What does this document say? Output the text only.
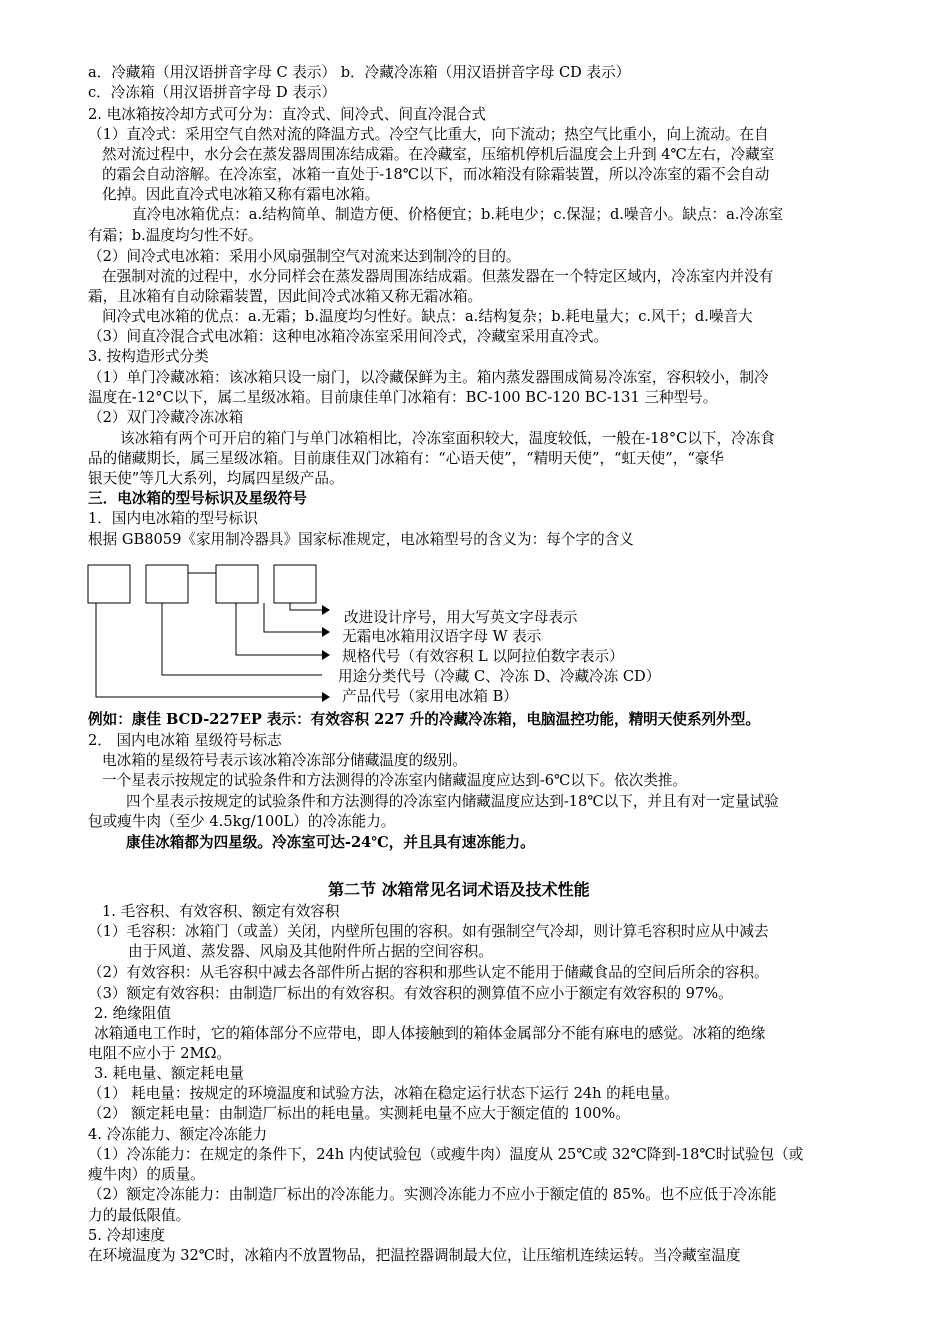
a．冷藏箱（用汉语拼音字母 C 表示） b．冷藏冷冻箱（用汉语拼音字母 CD 表示）
c．冷冻箱（用汉语拼音字母 D 表示）
2. 电冰箱按冷却方式可分为：直冷式、间冷式、间直冷混合式
（1）直冷式：采用空气自然对流的降温方式。冷空气比重大，向下流动；热空气比重小，向上流动。在自
然对流过程中，水分会在蒸发器周围冻结成霜。在冷藏室，压缩机停机后温度会上升到 4℃左右，冷藏室
的霜会自动溶解。在冷冻室，冰箱一直处于-18℃以下，而冰箱没有除霜装置，所以冷冻室的霜不会自动
化掉。因此直冷式电冰箱又称有霜电冰箱。
直冷电冰箱优点：a.结构简单、制造方便、价格便宜；b.耗电少；c.保湿；d.噪音小。缺点：a.冷冻室
有霜；b.温度均匀性不好。
（2）间冷式电冰箱：采用小风扇强制空气对流来达到制冷的目的。
在强制对流的过程中，水分同样会在蒸发器周围冻结成霜。但蒸发器在一个特定区域内，冷冻室内并没有
霜，且冰箱有自动除霜装置，因此间冷式冰箱又称无霜冰箱。
间冷式电冰箱的优点：a.无霜；b.温度均匀性好。缺点：a.结构复杂；b.耗电量大；c.风干；d.噪音大
（3）间直冷混合式电冰箱：这种电冰箱冷冻室采用间冷式，冷藏室采用直冷式。
3. 按构造形式分类
（1）单门冷藏冰箱：该冰箱只设一扇门，以冷藏保鲜为主。箱内蒸发器围成简易冷冻室，容积较小，制冷
温度在-12°C以下，属二星级冰箱。目前康佳单门冰箱有：BC-100 BC-120 BC-131 三种型号。
（2）双门冷藏冷冻冰箱
该冰箱有两个可开启的箱门与单门冰箱相比，冷冻室面积较大，温度较低，一般在-18°C以下，冷冻食
品的储藏期长，属三星级冰箱。目前康佳双门冰箱有：“心语天使”，“精明天使”，“虹天使”，“豪华
银天使”等几大系列，均属四星级产品。
三．电冰箱的型号标识及星级符号
1．国内电冰箱的型号标识
根据 GB8059《家用制冷器具》国家标准规定，电冰箱型号的含义为：每个字的含义
改进设计序号，用大写英文字母表示
无霜电冰箱用汉语字母 W 表示
规格代号（有效容积 L 以阿拉伯数字表示）
用途分类代号（冷藏 C、冷冻 D、冷藏冷冻 CD）
产品代号（家用电冰箱 B）
例如：康佳 BCD-227EP 表示：有效容积 227 升的冷藏冷冻箱，电脑温控功能，精明天使系列外型。
2． 国内电冰箱 星级符号标志
电冰箱的星级符号表示该冰箱冷冻部分储藏温度的级别。
一个星表示按规定的试验条件和方法测得的冷冻室内储藏温度应达到-6℃以下。依次类推。
四个星表示按规定的试验条件和方法测得的冷冻室内储藏温度应达到-18℃以下，并且有对一定量试验
包或瘦牛肉（至少 4.5kg/100L）的冷冻能力。
康佳冰箱都为四星级。冷冻室可达-24℃，并且具有速冻能力。
第二节 冰箱常见名词术语及技术性能
1. 毛容积、有效容积、额定有效容积
（1）毛容积：冰箱门（或盖）关闭，内壁所包围的容积。如有强制空气冷却，则计算毛容积时应从中减去
由于风道、蒸发器、风扇及其他附件所占据的空间容积。
（2）有效容积：从毛容积中减去各部件所占据的容积和那些认定不能用于储藏食品的空间后所余的容积。
（3）额定有效容积：由制造厂标出的有效容积。有效容积的测算值不应小于额定有效容积的 97%。
2. 绝缘阻值
冰箱通电工作时，它的箱体部分不应带电，即人体接触到的箱体金属部分不能有麻电的感觉。冰箱的绝缘
电阻不应小于 2MΩ。
3. 耗电量、额定耗电量
（1） 耗电量：按规定的环境温度和试验方法，冰箱在稳定运行状态下运行 24h 的耗电量。
（2） 额定耗电量：由制造厂标出的耗电量。实测耗电量不应大于额定值的 100%。
4. 冷冻能力、额定冷冻能力
（1）冷冻能力：在规定的条件下，24h 内使试验包（或瘦牛肉）温度从 25℃或 32℃降到-18℃时试验包（或
瘦牛肉）的质量。
（2）额定冷冻能力：由制造厂标出的冷冻能力。实测冷冻能力不应小于额定值的 85%。也不应低于冷冻能
力的最低限值。
5. 冷却速度
在环境温度为 32℃时，冰箱内不放置物品，把温控器调制最大位，让压缩机连续运转。当冷藏室温度
